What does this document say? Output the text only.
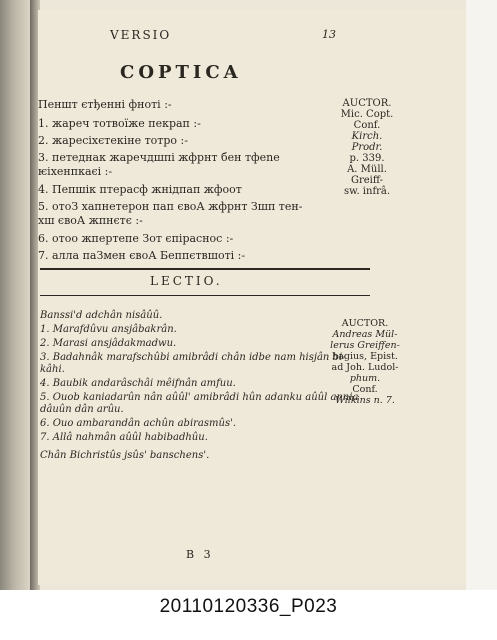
VERSIO	13
COPTICA
Пеншт єтђенні фноті :-
1. жареч тотвоїже пекрап :-
2. жаресіхєтекіне тотро :-
3. петеднак жаречдшпі жфрнт бен тфеnе
ѥіхенпкаєі :-
4. Пепшік птерасф жнідпап жфоот
5. отоЗ хапнетерон пап євоА жфрнт Зшп тен-
хш євоА жпнєтє :-
6. отоо жпертепе Зот єпіраснос :-
7. аллa паЗмен євоА Беппєтвшоті :-
AUCTOR.
Mic. Copt.
Conf.
Kirch. Prodr.
p. 339.
A. Müll. Greiff-
sw. infrâ.
LECTIO.
Banssi'd adchân nisâûû.
1. Marafdûvu ansjâbakrân.
2. Marasi ansjâdakmadwu.
3. Badahnâk marafschûbi amibrâdi chân idbe nam hisjân bi-
kâhi.
4. Baubik andarâschâi mêifnân amfuu.
5. Ouob kaniadarûn nân aûûl' amibrâdi hûn adanku aûûl annia
dâuûn dân arûu.
6. Ouo ambarandân achûn abirasmûs'.
7. Allâ nahmân aûûl habibadhûu.
Chân Bichristûs jsûs' banschens'.
AUCTOR.
Andreas Mül-
lerus Greiffen-
hagius, Epist.
ad Joh. Ludol-
phum.
Conf.
Wilkins n. 7.
B 3
20110120336_P023
